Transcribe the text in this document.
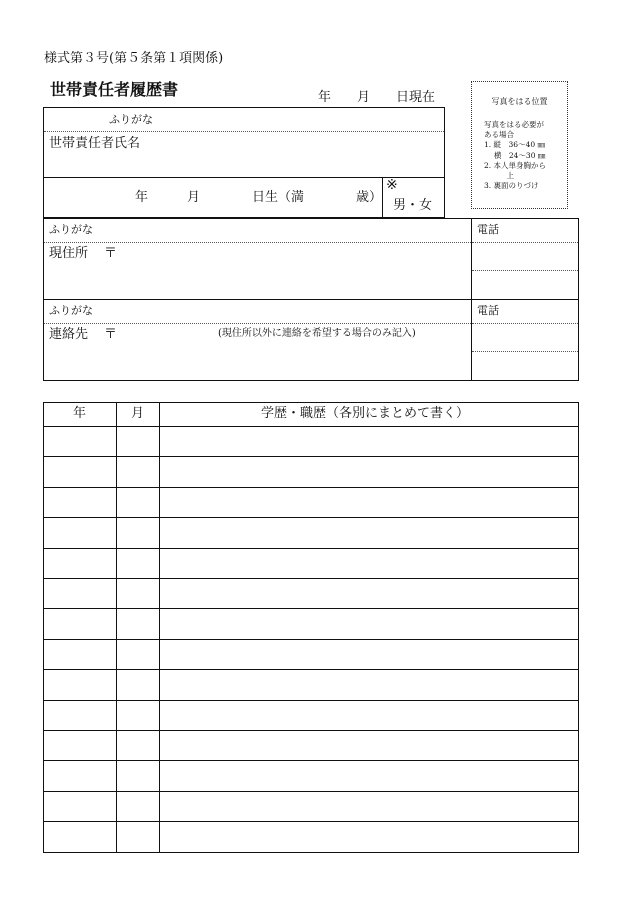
様式第３号(第５条第１項関係)
世帯責任者履歴書	年　　月　　日現在	写真をはる位置
写真をはる必要が
ある場合
1. 縦　36〜40 ㎜
　 横　24〜30 ㎜
2. 本人単身胸から
　　　上
3. 裏面のりづけ
ふりがな
世帯責任者氏名
年　　　月　　　　日生（満　　　　歳）
※
男・女
ふりがな	電話
現住所 〒
ふりがな	電話
連絡先 〒	(現住所以外に連絡を希望する場合のみ記入)
年	月	学歴・職歴（各別にまとめて書く）
